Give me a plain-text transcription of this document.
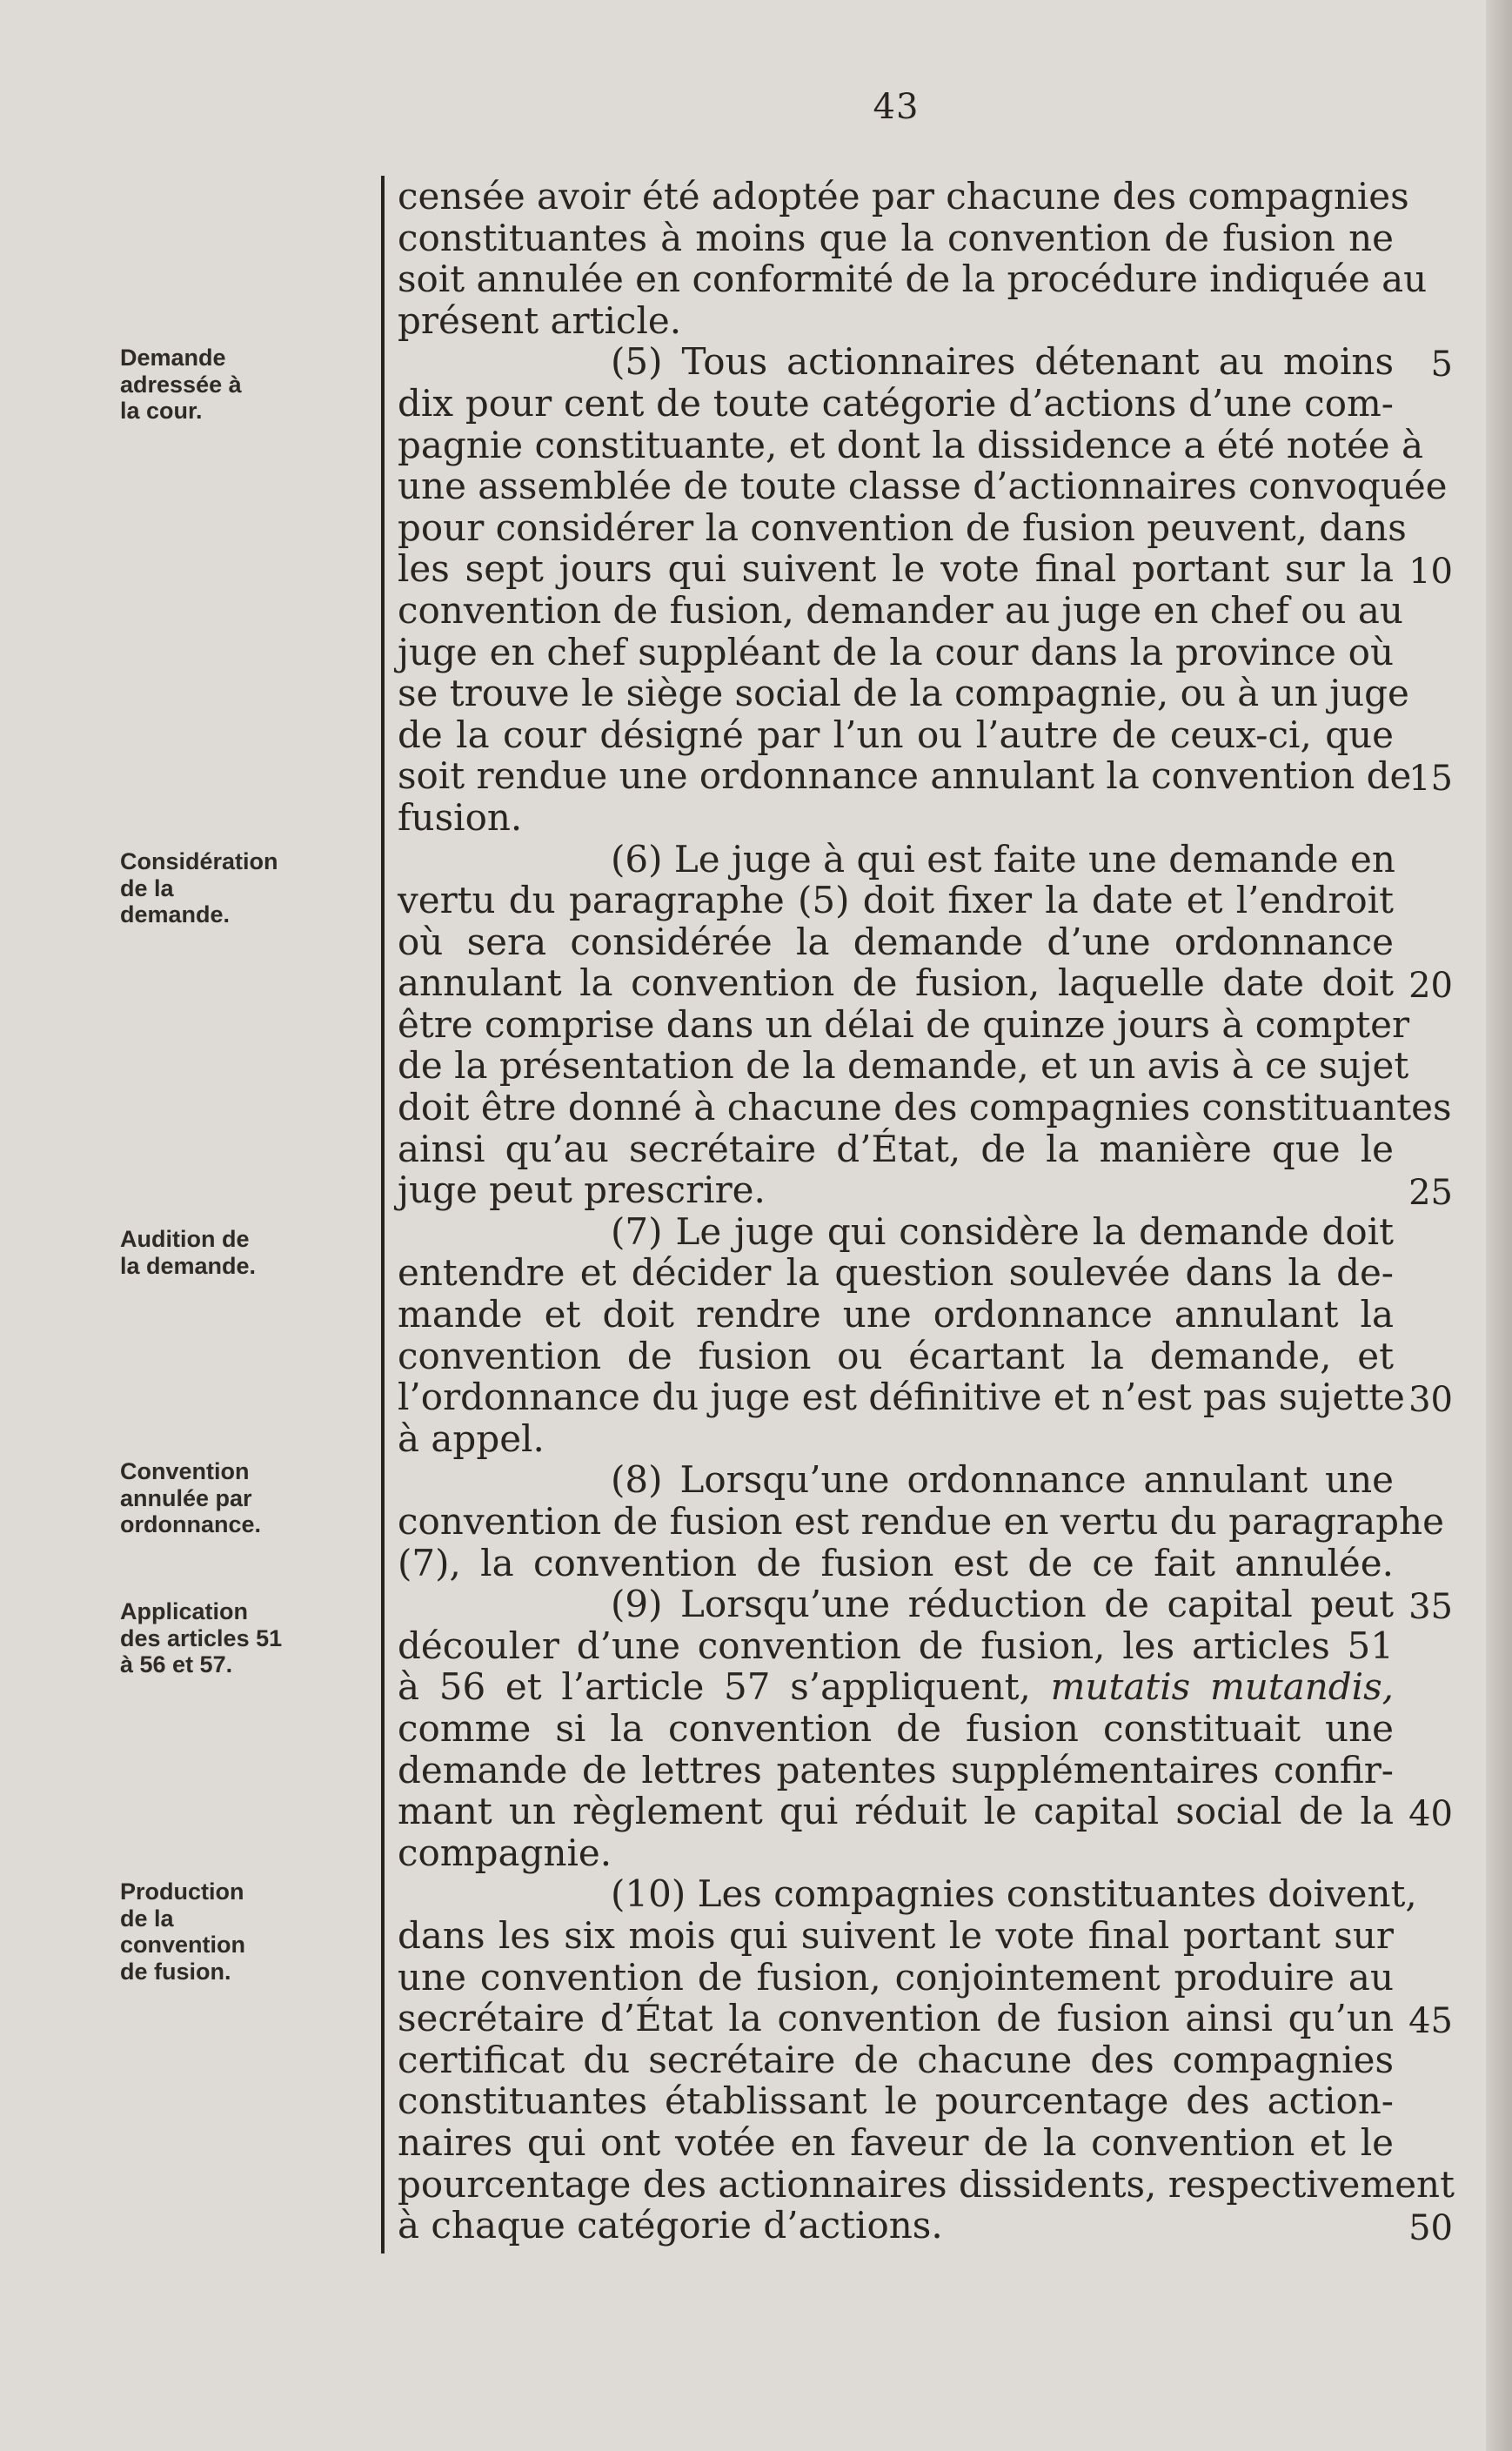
43
Demande
adressée à
la cour.
Considération
de la
demande.
Audition de
la demande.
Convention
annulée par
ordonnance.
Application
des articles 51
à 56 et 57.
Production
de la
convention
de fusion.
5
10
15
20
25
30
35
40
45
50
censée avoir été adoptée par chacune des compagnies
constituantes à moins que la convention de fusion ne
soit annulée en conformité de la procédure indiquée au
présent article.
(5) Tous actionnaires détenant au moins
dix pour cent de toute catégorie d’actions d’une com-
pagnie constituante, et dont la dissidence a été notée à
une assemblée de toute classe d’actionnaires convoquée
pour considérer la convention de fusion peuvent, dans
les sept jours qui suivent le vote final portant sur la
convention de fusion, demander au juge en chef ou au
juge en chef suppléant de la cour dans la province où
se trouve le siège social de la compagnie, ou à un juge
de la cour désigné par l’un ou l’autre de ceux-ci, que
soit rendue une ordonnance annulant la convention de
fusion.
(6) Le juge à qui est faite une demande en
vertu du paragraphe (5) doit fixer la date et l’endroit
où sera considérée la demande d’une ordonnance
annulant la convention de fusion, laquelle date doit
être comprise dans un délai de quinze jours à compter
de la présentation de la demande, et un avis à ce sujet
doit être donné à chacune des compagnies constituantes
ainsi qu’au secrétaire d’État, de la manière que le
juge peut prescrire.
(7) Le juge qui considère la demande doit
entendre et décider la question soulevée dans la de-
mande et doit rendre une ordonnance annulant la
convention de fusion ou écartant la demande, et
l’ordonnance du juge est définitive et n’est pas sujette
à appel.
(8) Lorsqu’une ordonnance annulant une
convention de fusion est rendue en vertu du paragraphe
(7), la convention de fusion est de ce fait annulée.
(9) Lorsqu’une réduction de capital peut
découler d’une convention de fusion, les articles 51
à 56 et l’article 57 s’appliquent, mutatis mutandis,
comme si la convention de fusion constituait une
demande de lettres patentes supplémentaires confir-
mant un règlement qui réduit le capital social de la
compagnie.
(10) Les compagnies constituantes doivent,
dans les six mois qui suivent le vote final portant sur
une convention de fusion, conjointement produire au
secrétaire d’État la convention de fusion ainsi qu’un
certificat du secrétaire de chacune des compagnies
constituantes établissant le pourcentage des action-
naires qui ont votée en faveur de la convention et le
pourcentage des actionnaires dissidents, respectivement
à chaque catégorie d’actions.
